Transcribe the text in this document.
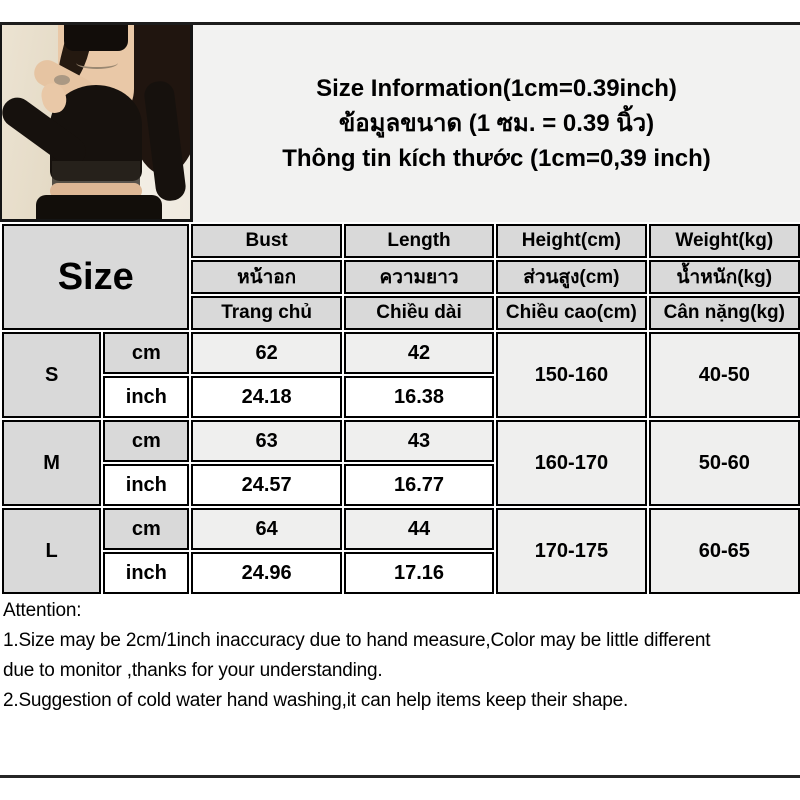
Size Information(1cm=0.39inch)
ข้อมูลขนาด (1 ซม. = 0.39 นิ้ว)
Thông tin kích thước (1cm=0,39 inch)
Size		Bust	Length	Height(cm)	Weight(kg)
		หน้าอก	ความยาว	ส่วนสูง(cm)	น้ำหนัก(kg)
		Trang chủ	Chiều dài	Chiều cao(cm)	Cân nặng(kg)
S	cm	62	42	150-160	40-50
	inch	24.18	16.38		
M	cm	63	43	160-170	50-60
	inch	24.57	16.77		
L	cm	64	44	170-175	60-65
	inch	24.96	17.16		
Attention:
1.Size may be 2cm/1inch inaccuracy due to hand measure,Color may be little different
due to monitor ,thanks for your understanding.
2.Suggestion of cold water hand washing,it can help items keep their shape.
